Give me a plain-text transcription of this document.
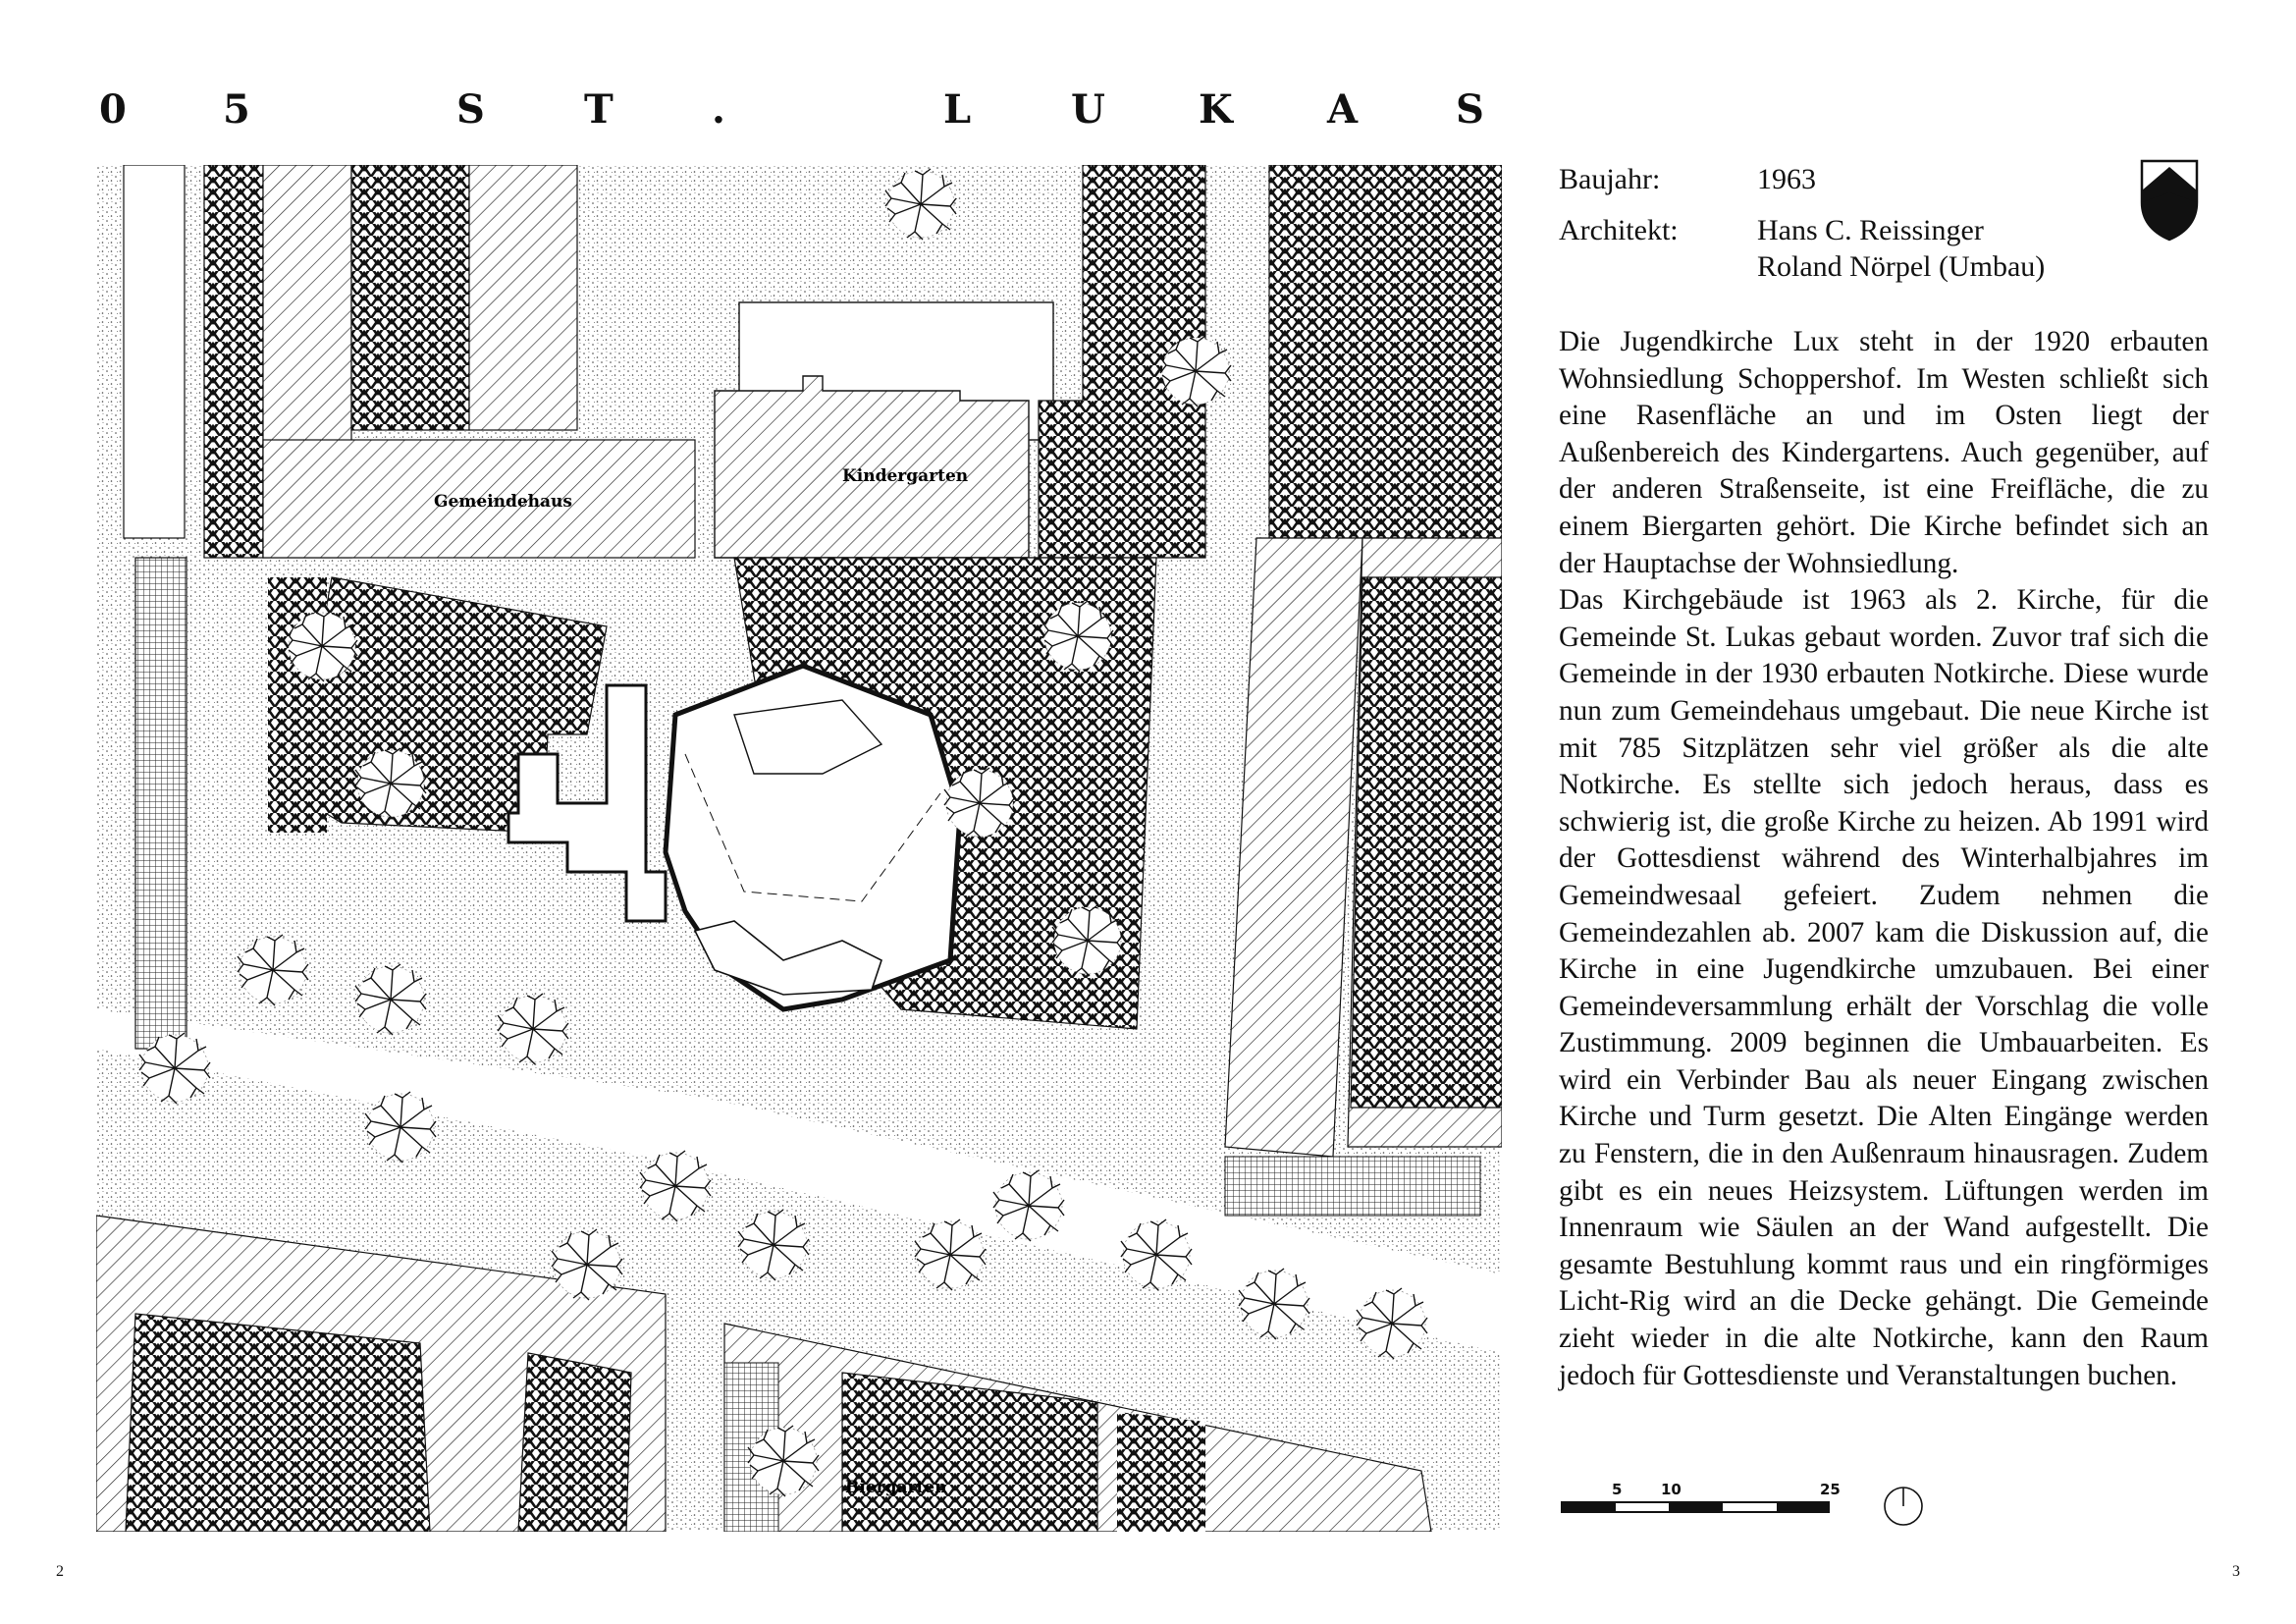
0 5	S	T	.	L	U K A S
Gemeindehaus
Kindergarten
Biergarten
Baujahr:	1963
Architekt:	Hans C. Reissinger
Roland Nörpel (Umbau)

Die Jugendkirche Lux steht in der 1920 erbauten Wohnsiedlung Schoppershof. Im Westen schließt sich eine Rasenfläche an und im Osten liegt der Außenbereich des Kindergartens. Auch gegenüber, auf der anderen Straßenseite, ist eine Freifläche, die zu einem Biergarten gehört. Die Kirche befindet sich an der Hauptachse der Wohnsiedlung.

Das Kirchgebäude ist 1963 als 2. Kirche, für die Gemeinde St. Lukas gebaut worden. Zuvor traf sich die Gemeinde in der 1930 erbauten Notkirche. Diese wurde nun zum Gemeindehaus umgebaut. Die neue Kirche ist mit 785 Sitzplätzen sehr viel größer als die alte Notkirche. Es stellte sich jedoch heraus, dass es schwierig ist, die große Kirche zu heizen. Ab 1991 wird der Gottesdienst während des Winterhalbjahres im Gemeindwesaal gefeiert. Zudem nehmen die Gemeindezahlen ab. 2007 kam die Diskussion auf, die Kirche in eine Jugendkirche umzubauen. Bei einer Gemeindeversammlung erhält der Vorschlag die volle Zustimmung. 2009 beginnen die Umbauarbeiten. Es wird ein Verbinder Bau als neuer Eingang zwischen Kirche und Turm gesetzt. Die Alten Eingänge werden zu Fenstern, die in den Außenraum hinausragen. Zudem gibt es ein neues Heizsystem. Lüftungen werden im Innenraum wie Säulen an der Wand aufgestellt. Die gesamte Bestuhlung kommt raus und ein ringförmiges Licht-Rig wird an die Decke gehängt. Die Gemeinde zieht wieder in die alte Notkirche, kann den Raum jedoch für Gottesdienste und Veranstaltungen buchen.

5	10	25
2	3
